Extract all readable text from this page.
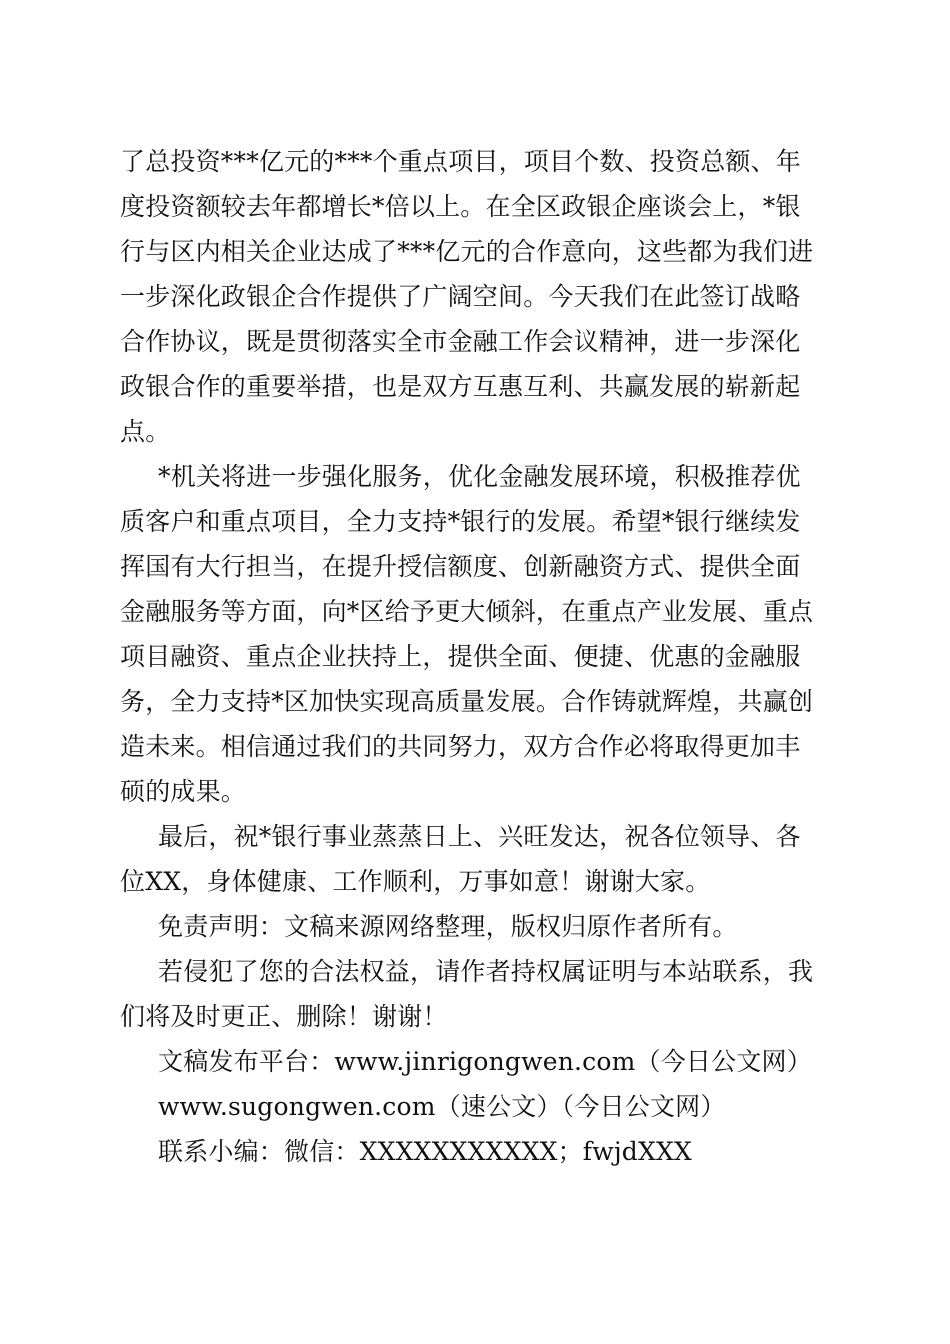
了总投资***亿元的***个重点项目，项目个数、投资总额、年
度投资额较去年都增长*倍以上。在全区政银企座谈会上，*银
行与区内相关企业达成了***亿元的合作意向，这些都为我们进
一步深化政银企合作提供了广阔空间。今天我们在此签订战略
合作协议，既是贯彻落实全市金融工作会议精神，进一步深化
政银合作的重要举措，也是双方互惠互利、共赢发展的崭新起
点。

*机关将进一步强化服务，优化金融发展环境，积极推荐优
质客户和重点项目，全力支持*银行的发展。希望*银行继续发
挥国有大行担当，在提升授信额度、创新融资方式、提供全面
金融服务等方面，向*区给予更大倾斜，在重点产业发展、重点
项目融资、重点企业扶持上，提供全面、便捷、优惠的金融服
务，全力支持*区加快实现高质量发展。合作铸就辉煌，共赢创
造未来。相信通过我们的共同努力，双方合作必将取得更加丰
硕的成果。

最后，祝*银行事业蒸蒸日上、兴旺发达，祝各位领导、各
位XX，身体健康、工作顺利，万事如意！谢谢大家。

免责声明：文稿来源网络整理，版权归原作者所有。

若侵犯了您的合法权益，请作者持权属证明与本站联系，我
们将及时更正、删除！谢谢！

文稿发布平台：www.jinrigongwen.com（今日公文网）

www.sugongwen.com（速公文）（今日公文网）

联系小编：微信：XXXXXXXXXXX；fwjdXXX
